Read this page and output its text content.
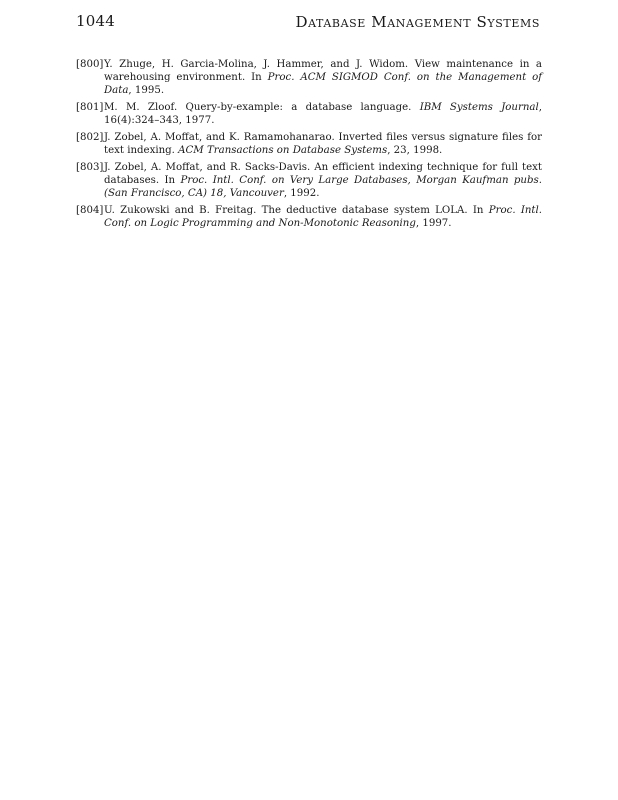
1044	Database Management Systems
[800] Y. Zhuge, H. Garcia-Molina, J. Hammer, and J. Widom. View maintenance in a warehousing environment. In Proc. ACM SIGMOD Conf. on the Management of Data, 1995.
[801] M. M. Zloof. Query-by-example: a database language. IBM Systems Journal, 16(4):324–343, 1977.
[802] J. Zobel, A. Moffat, and K. Ramamohanarao. Inverted files versus signature files for text indexing. ACM Transactions on Database Systems, 23, 1998.
[803] J. Zobel, A. Moffat, and R. Sacks-Davis. An efficient indexing technique for full text databases. In Proc. Intl. Conf. on Very Large Databases, Morgan Kaufman pubs. (San Francisco, CA) 18, Vancouver, 1992.
[804] U. Zukowski and B. Freitag. The deductive database system LOLA. In Proc. Intl. Conf. on Logic Programming and Non-Monotonic Reasoning, 1997.
